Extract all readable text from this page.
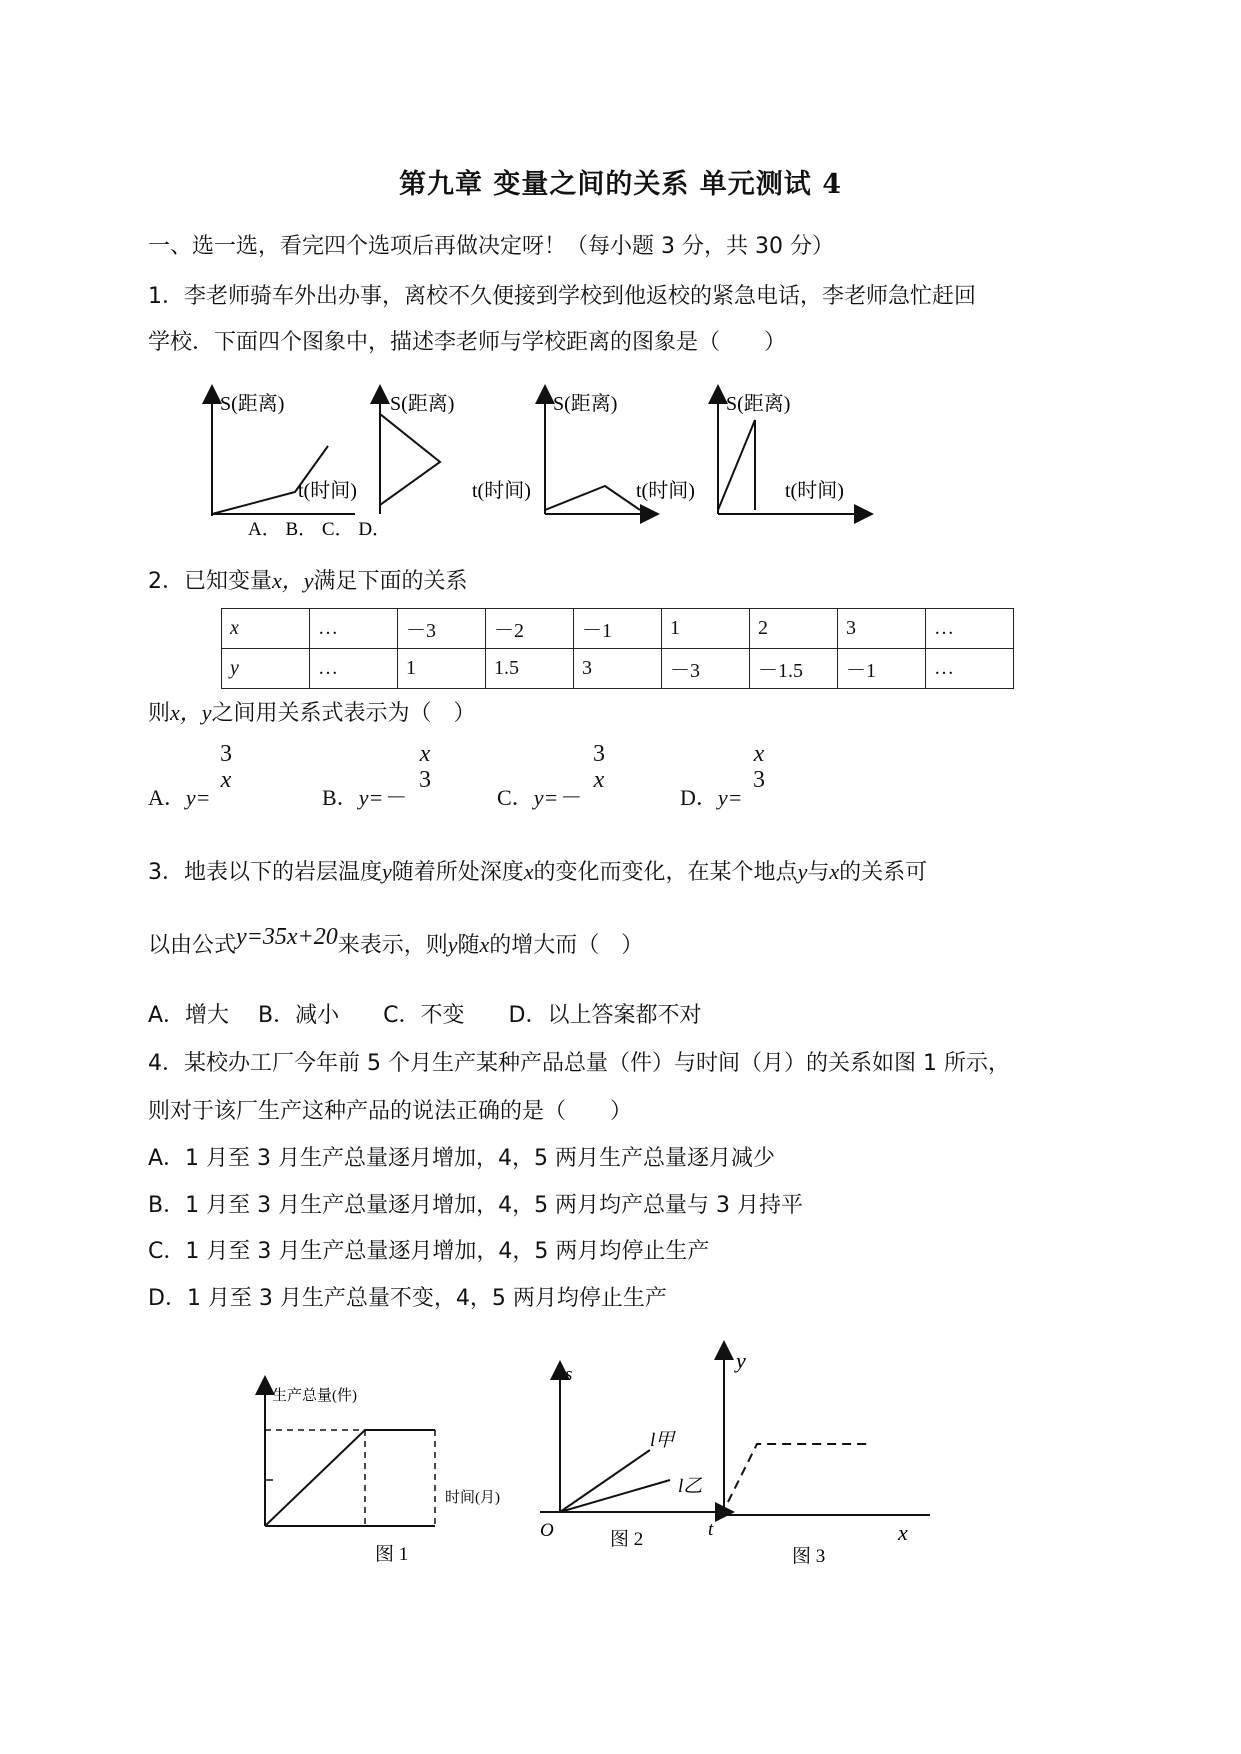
第九章 变量之间的关系 单元测试 4
一、选一选，看完四个选项后再做决定呀！（每小题 3 分，共 30 分）
1．李老师骑车外出办事，离校不久便接到学校到他返校的紧急电话，李老师急忙赶回
学校．下面四个图象中，描述李老师与学校距离的图象是（　　）
S(距离)
t(时间)
S(距离)	S(距离)
t(时间)	t(时间)
S(距离)
t(时间)
A． B． C． D．
2．已知变量x，y满足下面的关系
x	…	－3	－2	－1	1	2	3	…
y	…	1	1.5	3	－3	－1.5	－1	…
则x，y之间用关系式表示为（　）
A．y=
3
x
B．y=－
x
3
C．y=－
3
x
D．y=
x
3
3．地表以下的岩层温度y随着所处深度x的变化而变化，在某个地点y与x的关系可
以由公式y=35x+20来表示，则y随x的增大而（　）
A．增大　 B．减小　　C．不变　　D．以上答案都不对
4．某校办工厂今年前 5 个月生产某种产品总量（件）与时间（月）的关系如图 1 所示，
则对于该厂生产这种产品的说法正确的是（　　）
A．1 月至 3 月生产总量逐月增加，4，5 两月生产总量逐月减少
B．1 月至 3 月生产总量逐月增加，4，5 两月均产总量与 3 月持平
C．1 月至 3 月生产总量逐月增加，4，5 两月均停止生产
D．1 月至 3 月生产总量不变，4，5 两月均停止生产
生产总量(件)
时间(月)
图 1
s
t
O
l甲
l乙
图 2
y
x
图 3
